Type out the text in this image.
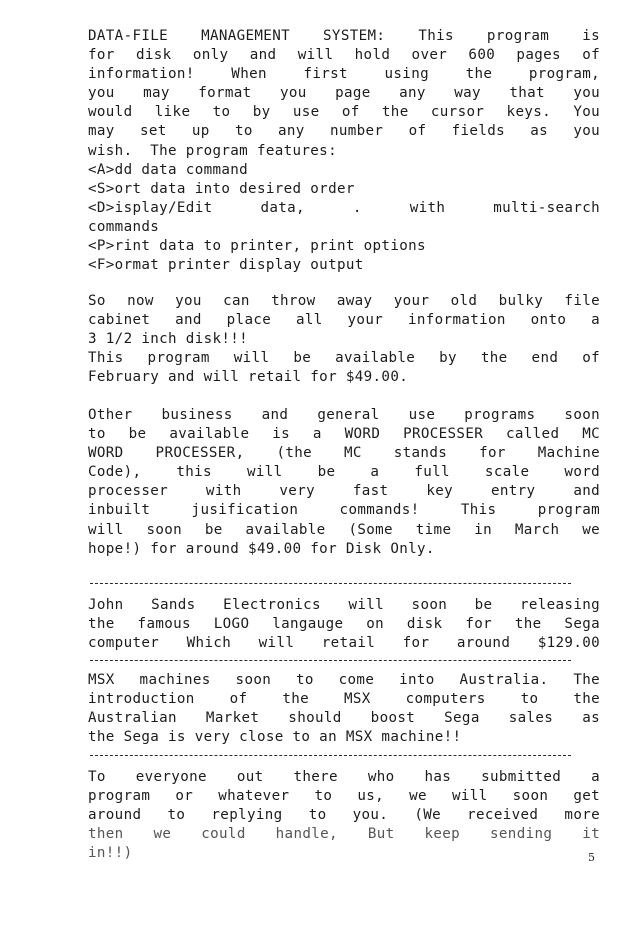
DATA-FILE MANAGEMENT SYSTEM: This program is
for disk only and will hold over 600 pages of
information! When first using the program,
you may format you page any way that you
would like to by use of the cursor keys. You
may set up to any number of fields as you
wish.  The program features:
<A>dd data command
<S>ort data into desired order
<D>isplay/Edit data, . with multi-search
commands
<P>rint data to printer, print options
<F>ormat printer display output
So now you can throw away your old bulky file
cabinet and place all your information onto a
3 1/2 inch disk!!!
This program will be available by the end of
February and will retail for $49.00.
Other business and general use programs soon
to be available is a WORD PROCESSER called MC
WORD PROCESSER, (the MC stands for Machine
Code), this will be a full scale word
processer with very fast key entry and
inbuilt jusification commands! This program
will soon be available (Some time in March we
hope!) for around $49.00 for Disk Only.
John Sands Electronics will soon be releasing
the famous LOGO langauge on disk for the Sega
computer Which will retail for around $129.00
MSX machines soon to come into Australia. The
introduction of the MSX computers to the
Australian Market should boost Sega sales as
the Sega is very close to an MSX machine!!
To everyone out there who has submitted a
program or whatever to us, we will soon get
around to replying to you. (We received more
then we could handle, But keep sending it
in!!)	5
